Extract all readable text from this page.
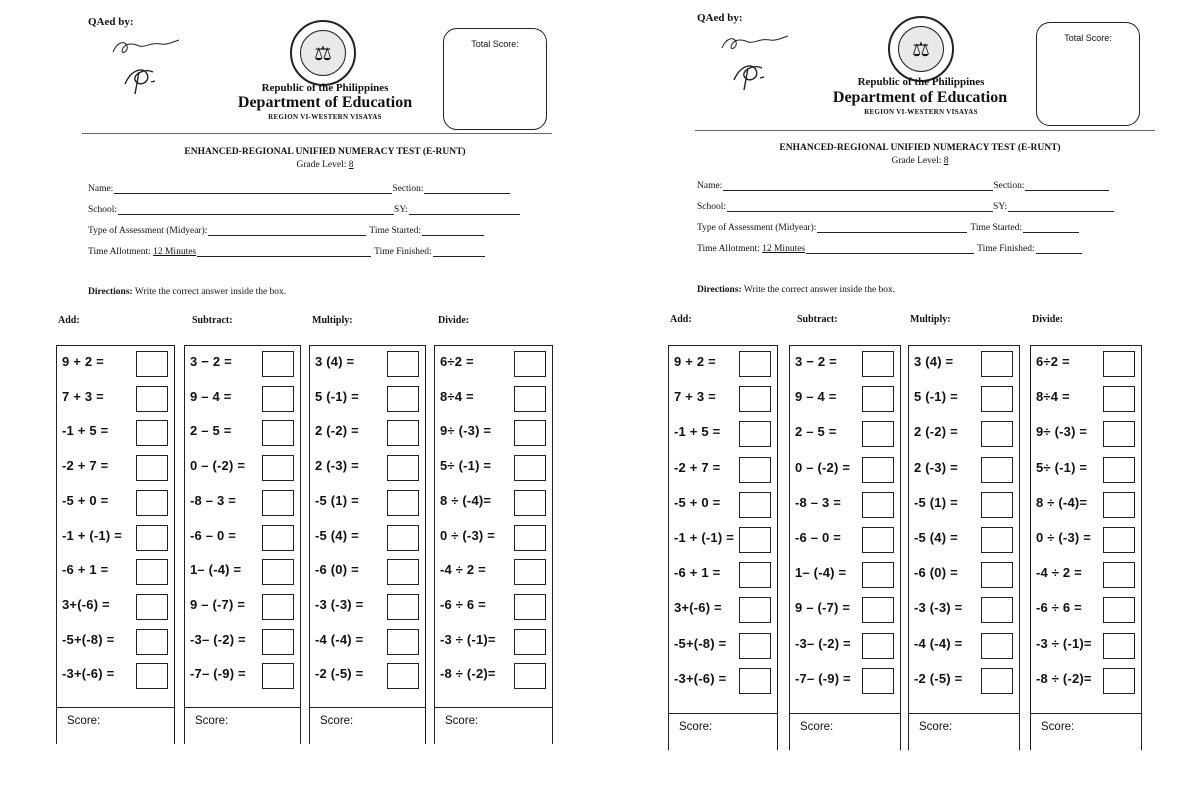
QAed by:
⚖
Republic of the Philippines
Department of Education
REGION VI-WESTERN VISAYAS
Total Score:
ENHANCED-REGIONAL UNIFIED NUMERACY TEST (E-RUNT)
Grade Level: 8
Name:	Section:
School:	SY:
Type of Assessment (Midyear):	Time Started:
Time Allotment: 12 Minutes	Time Finished:
Directions: Write the correct answer inside the box.
Add:	Subtract:	Multiply:	Divide:
9 + 2 =
7 + 3 =
-1 + 5 =
-2 + 7 =
-5 + 0 =
-1 + (-1) =
-6 + 1 =
3+(-6) =
-5+(-8) =
-3+(-6) =
Score:
3 − 2 =
9 – 4 =
2 – 5 =
0 – (-2) =
-8 – 3 =
-6 – 0 =
1– (-4) =
9 – (-7) =
-3– (-2) =
-7– (-9) =
Score:
3 (4) =
5 (-1) =
2 (-2) =
2 (-3) =
-5 (1) =
-5 (4) =
-6 (0) =
-3 (-3) =
-4 (-4) =
-2 (-5) =
Score:
6÷2 =
8÷4 =
9÷ (-3) =
5÷ (-1) =
8 ÷ (-4)=
0 ÷ (-3) =
-4 ÷ 2 =
-6 ÷ 6 =
-3 ÷ (-1)=
-8 ÷ (-2)=
Score:
QAed by:
⚖
Republic of the Philippines
Department of Education
REGION VI-WESTERN VISAYAS
Total Score:
ENHANCED-REGIONAL UNIFIED NUMERACY TEST (E-RUNT)
Grade Level: 8
Name:	Section:
School:	SY:
Type of Assessment (Midyear):	Time Started:
Time Allotment: 12 Minutes	Time Finished:
Directions: Write the correct answer inside the box.
Add:	Subtract:	Multiply:	Divide:
9 + 2 =
7 + 3 =
-1 + 5 =
-2 + 7 =
-5 + 0 =
-1 + (-1) =
-6 + 1 =
3+(-6) =
-5+(-8) =
-3+(-6) =
Score:
3 − 2 =
9 – 4 =
2 – 5 =
0 – (-2) =
-8 – 3 =
-6 – 0 =
1– (-4) =
9 – (-7) =
-3– (-2) =
-7– (-9) =
Score:
3 (4) =
5 (-1) =
2 (-2) =
2 (-3) =
-5 (1) =
-5 (4) =
-6 (0) =
-3 (-3) =
-4 (-4) =
-2 (-5) =
Score:
6÷2 =
8÷4 =
9÷ (-3) =
5÷ (-1) =
8 ÷ (-4)=
0 ÷ (-3) =
-4 ÷ 2 =
-6 ÷ 6 =
-3 ÷ (-1)=
-8 ÷ (-2)=
Score:
